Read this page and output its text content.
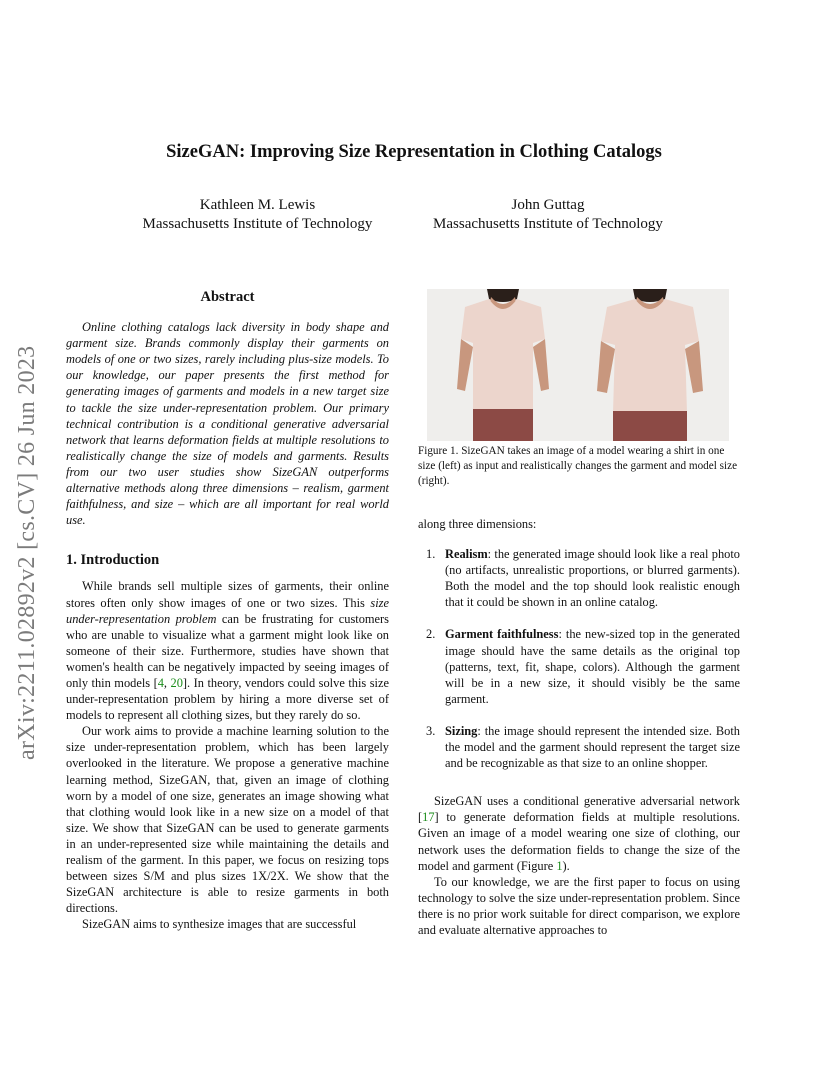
SizeGAN: Improving Size Representation in Clothing Catalogs
Kathleen M. Lewis
Massachusetts Institute of Technology
John Guttag
Massachusetts Institute of Technology
arXiv:2211.02892v2 [cs.CV] 26 Jun 2023
Abstract

Online clothing catalogs lack diversity in body shape and garment size. Brands commonly display their garments on models of one or two sizes, rarely including plus-size models. To our knowledge, our paper presents the first method for generating images of garments and models in a new target size to tackle the size under-representation problem. Our primary technical contribution is a conditional generative adversarial network that learns deformation fields at multiple resolutions to realistically change the size of models and garments. Results from our two user studies show SizeGAN outperforms alternative methods along three dimensions – realism, garment faithfulness, and size – which are all important for real world use.

1. Introduction

While brands sell multiple sizes of garments, their online stores often only show images of one or two sizes. This size under-representation problem can be frustrating for customers who are unable to visualize what a garment might look like on someone of their size. Furthermore, studies have shown that women's health can be negatively impacted by seeing images of only thin models [4, 20]. In theory, vendors could solve this size under-representation problem by hiring a more diverse set of models to represent all clothing sizes, but they rarely do so.

Our work aims to provide a machine learning solution to the size under-representation problem, which has been largely overlooked in the literature. We propose a generative machine learning method, SizeGAN, that, given an image of clothing worn by a model of one size, generates an image showing what that clothing would look like in a new size on a model of that size. We show that SizeGAN can be used to generate garments in an under-represented size while maintaining the details and realism of the garment. In this paper, we focus on resizing tops between sizes S/M and plus sizes 1X/2X. We show that the SizeGAN architecture is able to resize garments in both directions.

SizeGAN aims to synthesize images that are successful

Figure 1. SizeGAN takes an image of a model wearing a shirt in one size (left) as input and realistically changes the garment and model size (right).

along three dimensions:

1. Realism: the generated image should look like a real photo (no artifacts, unrealistic proportions, or blurred garments). Both the model and the top should look realistic enough that it could be shown in an online catalog.
2. Garment faithfulness: the new-sized top in the generated image should have the same details as the original top (patterns, text, fit, shape, colors). Although the garment will be in a new size, it should visibly be the same garment.
3. Sizing: the image should represent the intended size. Both the model and the garment should represent the target size and be recognizable as that size to an online shopper.

SizeGAN uses a conditional generative adversarial network [17] to generate deformation fields at multiple resolutions. Given an image of a model wearing one size of clothing, our network uses the deformation fields to change the size of the model and garment (Figure 1).

To our knowledge, we are the first paper to focus on using technology to solve the size under-representation problem. Since there is no prior work suitable for direct comparison, we explore and evaluate alternative approaches to
